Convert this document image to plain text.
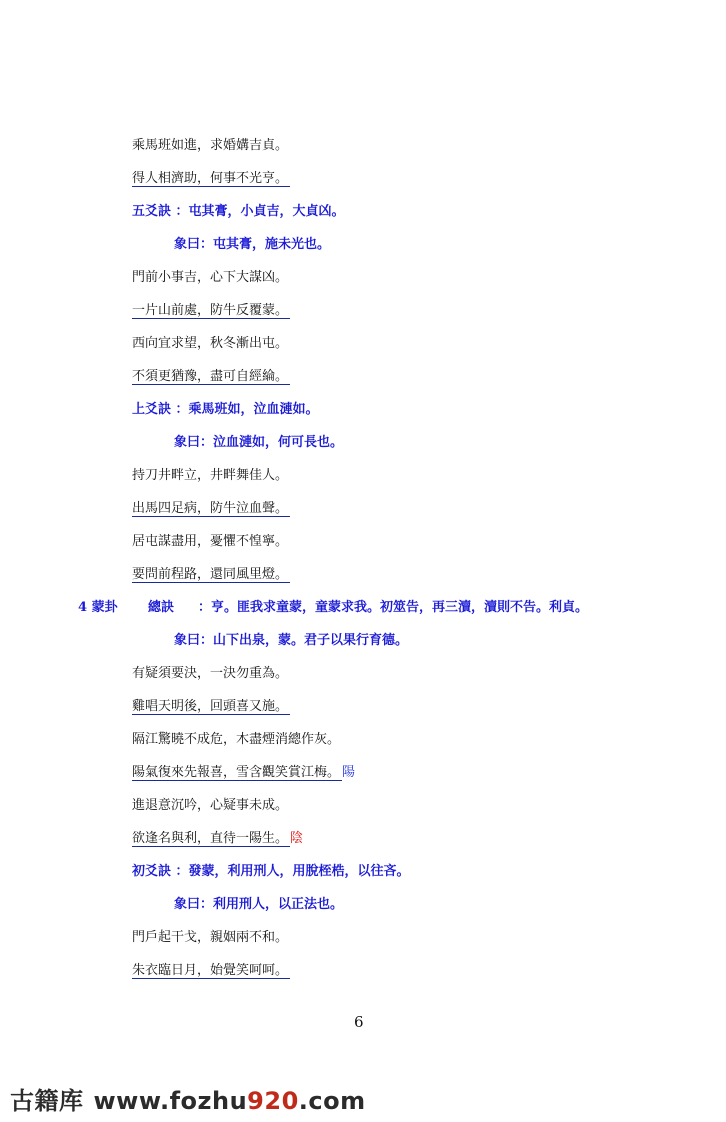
乘馬班如進，求婚媾吉貞。
得人相濟助，何事不光亨。
五爻訣 ：屯其膏，小貞吉，大貞凶。
象曰：屯其膏，施未光也。
門前小事吉，心下大謀凶。
一片山前處，防牛反覆蒙。
西向宜求望，秋冬漸出屯。
不須更猶豫，盡可自經綸。
上爻訣 ：乘馬班如，泣血漣如。
象曰：泣血漣如，何可長也。
持刀井畔立，井畔舞佳人。
出馬四足病，防牛泣血聲。
居屯謀盡用，憂懼不惶寧。
要問前程路，還同風里燈。
4 蒙卦 總訣 ：亨。匪我求童蒙，童蒙求我。初筮告，再三瀆，瀆則不告。利貞。
象曰：山下出泉，蒙。君子以果行育德。
有疑須要決，一決勿重為。
雞唱天明後，回頭喜又施。
隔江驚曉不成危，木盡煙消總作灰。
陽氣復來先報喜，雪含觀笑賞江梅。 陽
進退意沉吟，心疑事未成。
欲逢名與利，直待一陽生。 陰
初爻訣 ：發蒙，利用刑人，用脫桎梏，以往吝。
象曰：利用刑人，以正法也。
門戶起干戈，親姻兩不和。
朱衣臨日月，始覺笑呵呵。
6
古籍库 www.fozhu920.com
